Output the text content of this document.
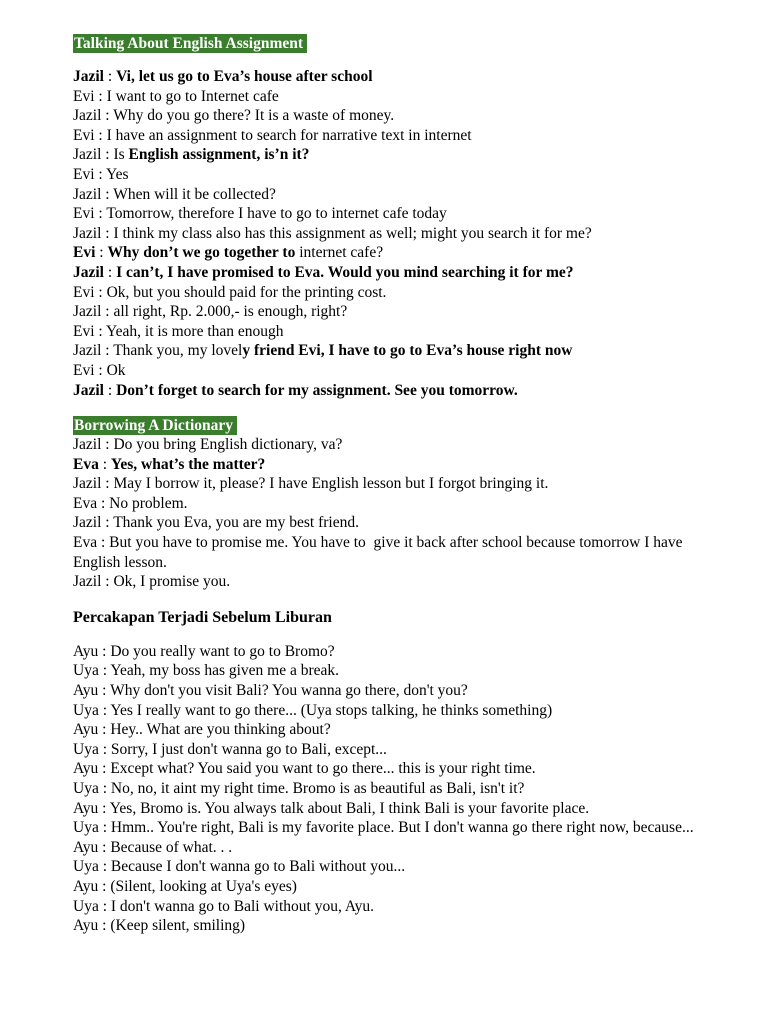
Talking About English Assignment
Jazil : Vi, let us go to Eva’s house after school
Evi : I want to go to Internet cafe
Jazil : Why do you go there? It is a waste of money.
Evi : I have an assignment to search for narrative text in internet
Jazil : Is English assignment, is’n it?
Evi : Yes
Jazil : When will it be collected?
Evi : Tomorrow, therefore I have to go to internet cafe today
Jazil : I think my class also has this assignment as well; might you search it for me?
Evi : Why don’t we go together to internet cafe?
Jazil : I can’t, I have promised to Eva. Would you mind searching it for me?
Evi : Ok, but you should paid for the printing cost.
Jazil : all right, Rp. 2.000,- is enough, right?
Evi : Yeah, it is more than enough
Jazil : Thank you, my lovely friend Evi, I have to go to Eva’s house right now
Evi : Ok
Jazil : Don’t forget to search for my assignment. See you tomorrow.
Borrowing A Dictionary
Jazil : Do you bring English dictionary, va?
Eva : Yes, what’s the matter?
Jazil : May I borrow it, please? I have English lesson but I forgot bringing it.
Eva : No problem.
Jazil : Thank you Eva, you are my best friend.
Eva : But you have to promise me. You have to  give it back after school because tomorrow I have English lesson.
Jazil : Ok, I promise you.
Percakapan Terjadi Sebelum Liburan
Ayu : Do you really want to go to Bromo?
Uya : Yeah, my boss has given me a break.
Ayu : Why don't you visit Bali? You wanna go there, don't you?
Uya : Yes I really want to go there... (Uya stops talking, he thinks something)
Ayu : Hey.. What are you thinking about?
Uya : Sorry, I just don't wanna go to Bali, except...
Ayu : Except what? You said you want to go there... this is your right time.
Uya : No, no, it aint my right time. Bromo is as beautiful as Bali, isn't it?
Ayu : Yes, Bromo is. You always talk about Bali, I think Bali is your favorite place.
Uya : Hmm.. You're right, Bali is my favorite place. But I don't wanna go there right now, because...
Ayu : Because of what. . .
Uya : Because I don't wanna go to Bali without you...
Ayu : (Silent, looking at Uya's eyes)
Uya : I don't wanna go to Bali without you, Ayu.
Ayu : (Keep silent, smiling)
